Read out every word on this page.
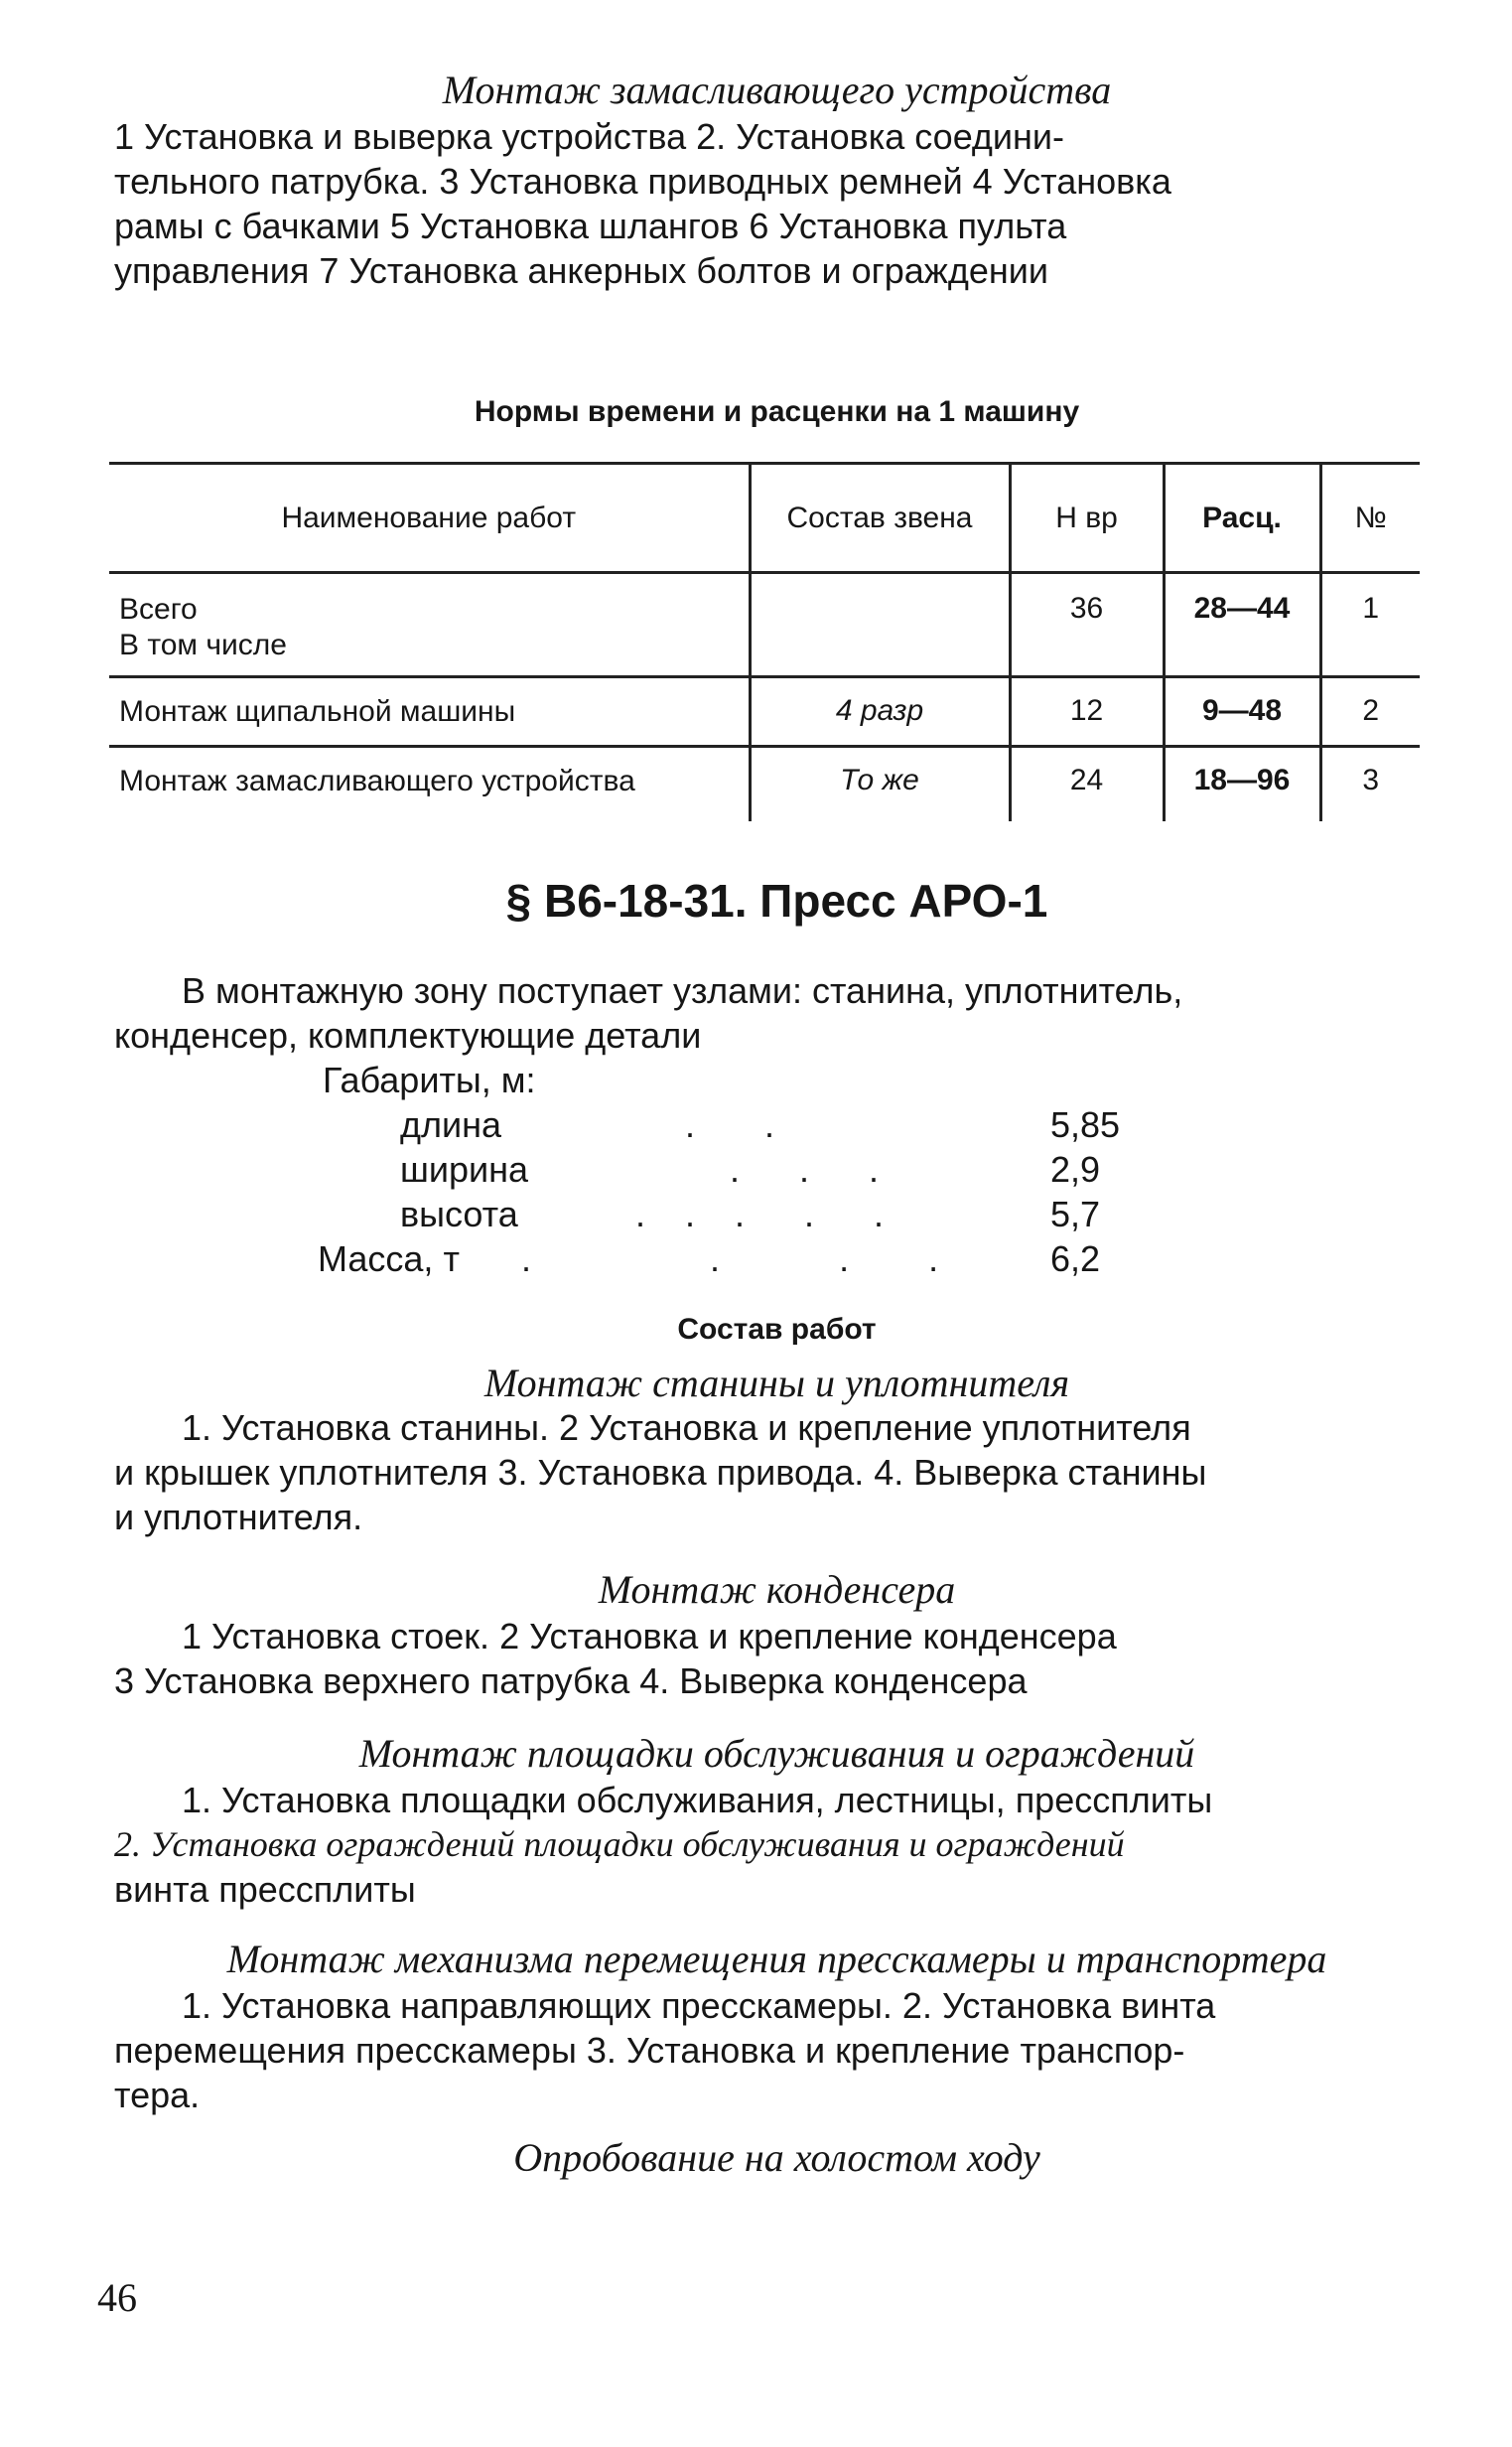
Монтаж замасливающего устройства
1 Установка и выверка устройства 2. Установка соедини-
тельного патрубка. 3 Установка приводных ремней 4 Установка
рамы с бачками 5 Установка шлангов 6 Установка пульта
управления 7 Установка анкерных болтов и ограждении
Нормы времени и расценки на 1 машину
Наименование работ	Состав звена	Н вр	Расц.	№

Всего
В том числе		36	28—44	1
Монтаж щипальной машины	4 разр	12	9—48	2
Монтаж замасливающего устройства	То же	24	18—96	3
§ В6-18-31. Пресс АРО-1
В монтажную зону поступает узлами: станина, уплотнитель,
конденсер, комплектующие детали
Габариты, м:
длина	.       .	5,85
ширина	.      .      .	2,9
высота	.    .    .      .      .	5,7
Масса, т .                  .            .        .	6,2
Состав работ
Монтаж станины и уплотнителя
1. Установка станины. 2 Установка и крепление уплотнителя
и крышек уплотнителя 3. Установка привода. 4. Выверка станины
и уплотнителя.
Монтаж конденсера
1 Установка стоек. 2 Установка и крепление конденсера
3 Установка верхнего патрубка 4. Выверка конденсера
Монтаж площадки обслуживания и ограждений
1. Установка площадки обслуживания, лестницы, прессплиты
2. Установка ограждений площадки обслуживания и ограждений
винта прессплиты
Монтаж механизма перемещения пресскамеры и транспортера
1. Установка направляющих пресскамеры. 2. Установка винта
перемещения пресскамеры 3. Установка и крепление транспор-
тера.
Опробование на холостом ходу
46
